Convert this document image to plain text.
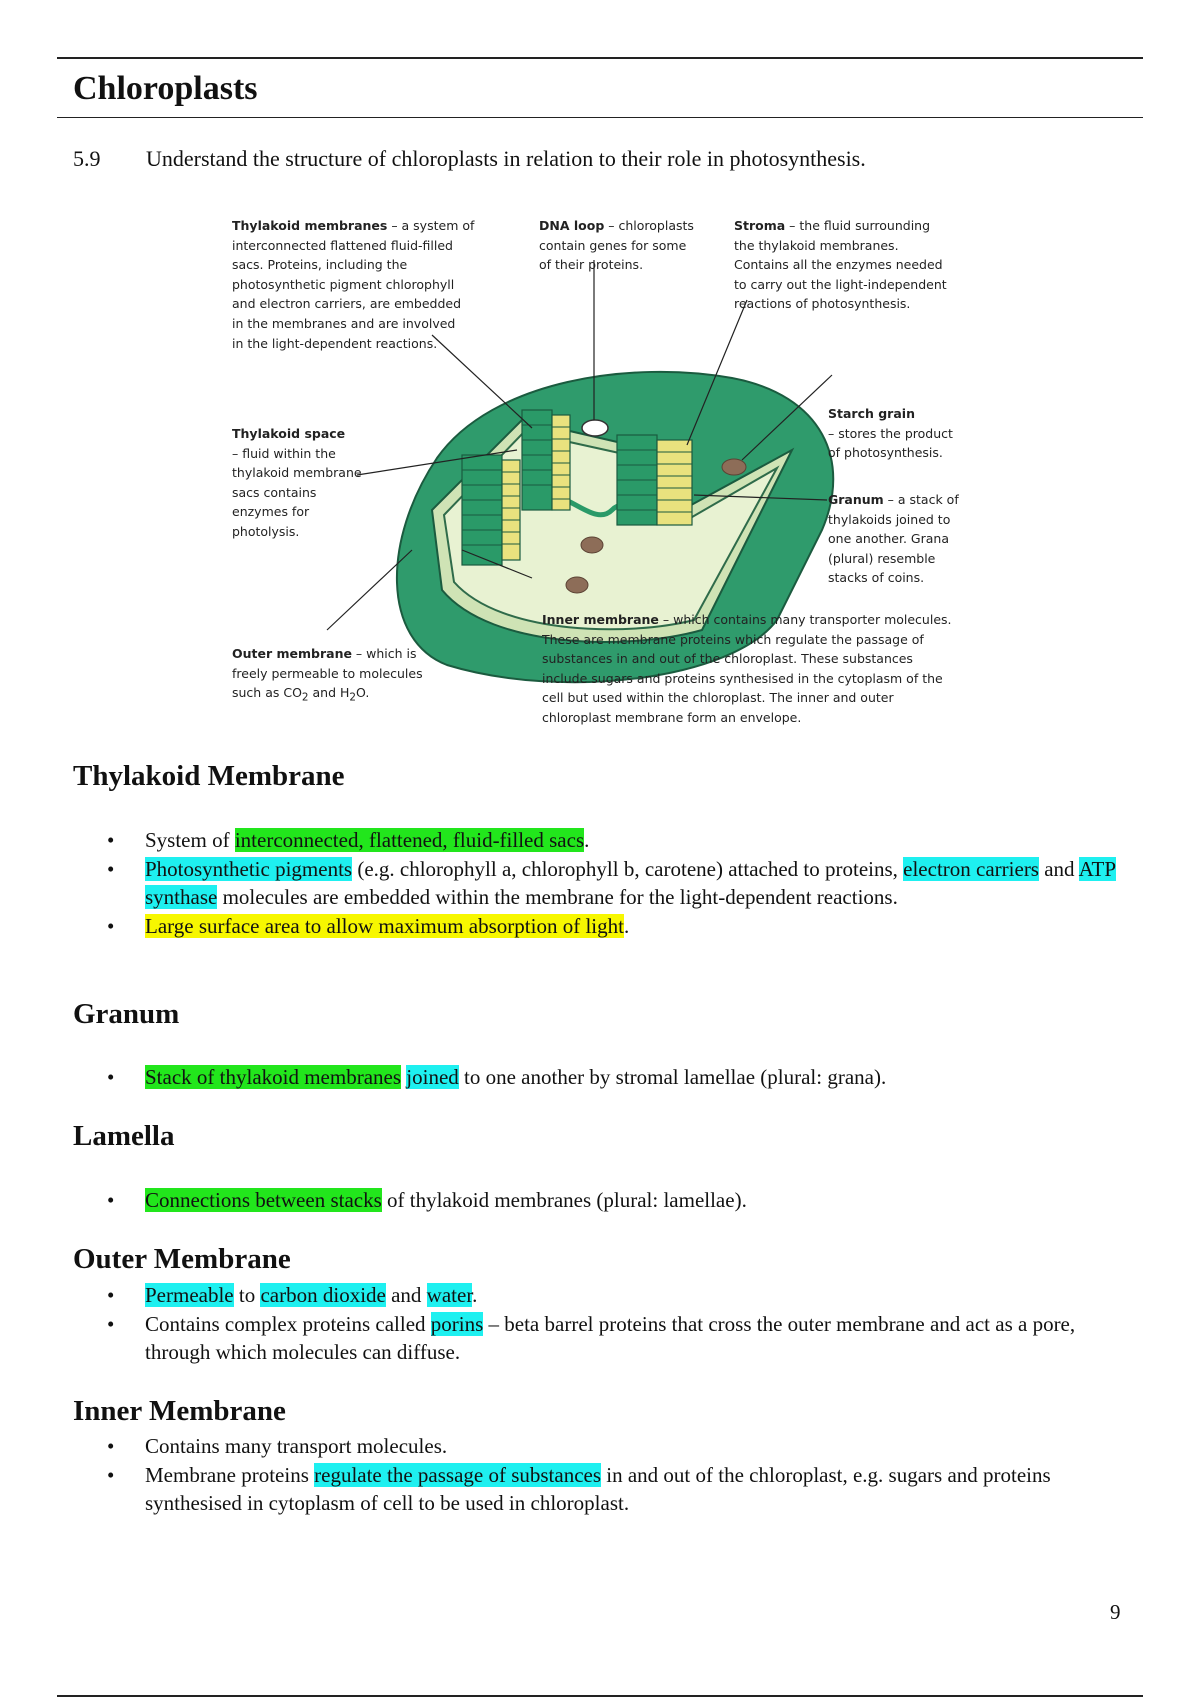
Chloroplasts
5.9 Understand the structure of chloroplasts in relation to their role in photosynthesis.
Thylakoid membranes – a system of
interconnected flattened fluid-filled
sacs. Proteins, including the
photosynthetic pigment chlorophyll
and electron carriers, are embedded
in the membranes and are involved
in the light-dependent reactions.
DNA loop – chloroplasts
contain genes for some
of their proteins.
Stroma – the fluid surrounding
the thylakoid membranes.
Contains all the enzymes needed
to carry out the light-independent
reactions of photosynthesis.
Starch grain
– stores the product
of photosynthesis.
Thylakoid space
– fluid within the
thylakoid membrane
sacs contains
enzymes for
photolysis.
Granum – a stack of
thylakoids joined to
one another. Grana
(plural) resemble
stacks of coins.
Inner membrane – which contains many transporter molecules.
These are membrane proteins which regulate the passage of
substances in and out of the chloroplast. These substances
include sugars and proteins synthesised in the cytoplasm of the
cell but used within the chloroplast. The inner and outer
chloroplast membrane form an envelope.
Outer membrane – which is
freely permeable to molecules
such as $CO_2$ and $H_2O$.
Thylakoid Membrane
• System of interconnected, flattened, fluid-filled sacs.
• Photosynthetic pigments (e.g. chlorophyll a, chlorophyll b, carotene) attached to proteins, electron carriers and ATP synthase molecules are embedded within the membrane for the light-dependent reactions.
• Large surface area to allow maximum absorption of light.
Granum
• Stack of thylakoid membranes joined to one another by stromal lamellae (plural: grana).
Lamella
• Connections between stacks of thylakoid membranes (plural: lamellae).
Outer Membrane
• Permeable to carbon dioxide and water.
• Contains complex proteins called porins – beta barrel proteins that cross the outer membrane and act as a pore, through which molecules can diffuse.
Inner Membrane
• Contains many transport molecules.
• Membrane proteins regulate the passage of substances in and out of the chloroplast, e.g. sugars and proteins synthesised in cytoplasm of cell to be used in chloroplast.
9
